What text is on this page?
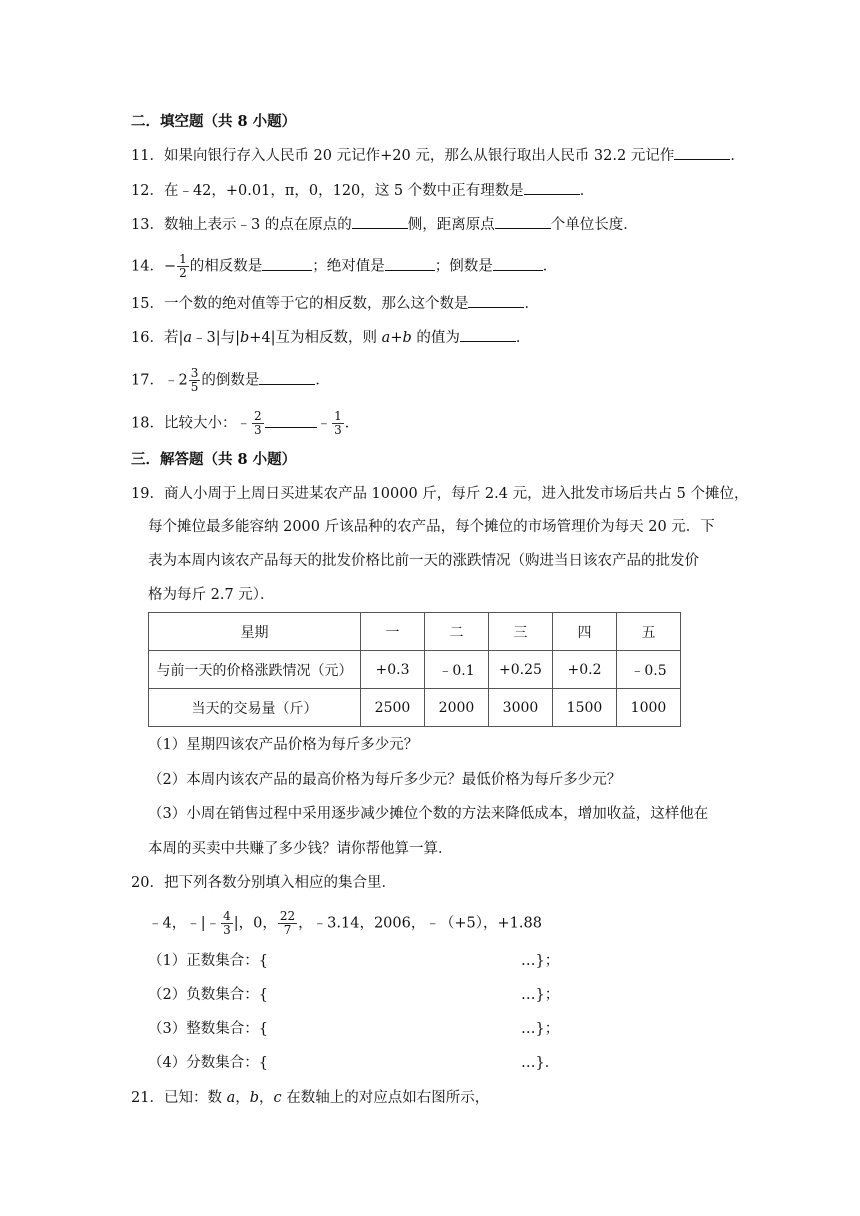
二．填空题（共 8 小题）
11．如果向银行存入人民币 20 元记作+20 元，那么从银行取出人民币 32.2 元记作	．
12．在﹣42，+0.01，π，0，120，这 5 个数中正有理数是	．
13．数轴上表示﹣3 的点在原点的	侧，距离原点	个单位长度．
14．− $\frac{1}{2}$ 的相反数是	；绝对值是	；倒数是	．
15．一个数的绝对值等于它的相反数，那么这个数是	．
16．若|a﹣3|与|b+4|互为相反数，则 a+b 的值为	．
17．﹣2 $\frac{3}{5}$ 的倒数是	．
18．比较大小：﹣ $\frac{2}{3}$	﹣ $\frac{1}{3}$ ．
三．解答题（共 8 小题）
19．商人小周于上周日买进某农产品 10000 斤，每斤 2.4 元，进入批发市场后共占 5 个摊位，
每个摊位最多能容纳 2000 斤该品种的农产品，每个摊位的市场管理价为每天 20 元．下
表为本周内该农产品每天的批发价格比前一天的涨跌情况（购进当日该农产品的批发价
格为每斤 2.7 元）．
星期	一	二	三	四	五
与前一天的价格涨跌情况（元）	+0.3	﹣0.1	+0.25	+0.2	﹣0.5
当天的交易量（斤）	2500	2000	3000	1500	1000
（1）星期四该农产品价格为每斤多少元？
（2）本周内该农产品的最高价格为每斤多少元？最低价格为每斤多少元？
（3）小周在销售过程中采用逐步减少摊位个数的方法来降低成本，增加收益，这样他在
本周的买卖中共赚了多少钱？请你帮他算一算．
20．把下列各数分别填入相应的集合里．
﹣4，﹣|﹣ $\frac{4}{3}$ |，0， $\frac{22}{7}$ ，﹣3.14，2006，﹣（+5），+1.88
（1）正数集合：{	…}；
（2）负数集合：{	…}；
（3）整数集合：{	…}；
（4）分数集合：{	…}．
21．已知：数 a，b，c 在数轴上的对应点如右图所示，
